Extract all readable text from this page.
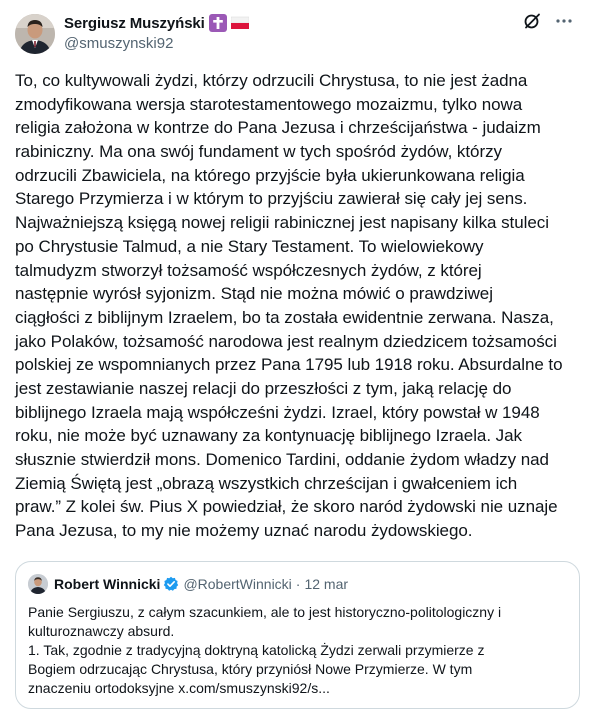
Sergiusz Muszyński
@smuszynski92
To, co kultywowali żydzi, którzy odrzucili Chrystusa, to nie jest żadna
zmodyfikowana wersja starotestamentowego mozaizmu, tylko nowa
religia założona w kontrze do Pana Jezusa i chrześcijaństwa - judaizm
rabiniczny. Ma ona swój fundament w tych spośród żydów, którzy
odrzucili Zbawiciela, na którego przyjście była ukierunkowana religia
Starego Przymierza i w którym to przyjściu zawierał się cały jej sens.
Najważniejszą księgą nowej religii rabinicznej jest napisany kilka stuleci
po Chrystusie Talmud, a nie Stary Testament. To wielowiekowy
talmudyzm stworzył tożsamość współczesnych żydów, z której
następnie wyrósł syjonizm. Stąd nie można mówić o prawdziwej
ciągłości z biblijnym Izraelem, bo ta została ewidentnie zerwana. Nasza,
jako Polaków, tożsamość narodowa jest realnym dziedzicem tożsamości
polskiej ze wspomnianych przez Pana 1795 lub 1918 roku. Absurdalne to
jest zestawianie naszej relacji do przeszłości z tym, jaką relację do
biblijnego Izraela mają współcześni żydzi. Izrael, który powstał w 1948
roku, nie może być uznawany za kontynuację biblijnego Izraela. Jak
słusznie stwierdził mons. Domenico Tardini, oddanie żydom władzy nad
Ziemią Świętą jest „obrazą wszystkich chrześcijan i gwałceniem ich
praw.” Z kolei św. Pius X powiedział, że skoro naród żydowski nie uznaje
Pana Jezusa, to my nie możemy uznać narodu żydowskiego.
Robert Winnicki @RobertWinnicki · 12 mar
Panie Sergiuszu, z całym szacunkiem, ale to jest historyczno-politologiczny i
kulturoznawczy absurd.
1. Tak, zgodnie z tradycyjną doktryną katolicką Żydzi zerwali przymierze z
Bogiem odrzucając Chrystusa, który przyniósł Nowe Przymierze. W tym
znaczeniu ortodoksyjne x.com/smuszynski92/s...
